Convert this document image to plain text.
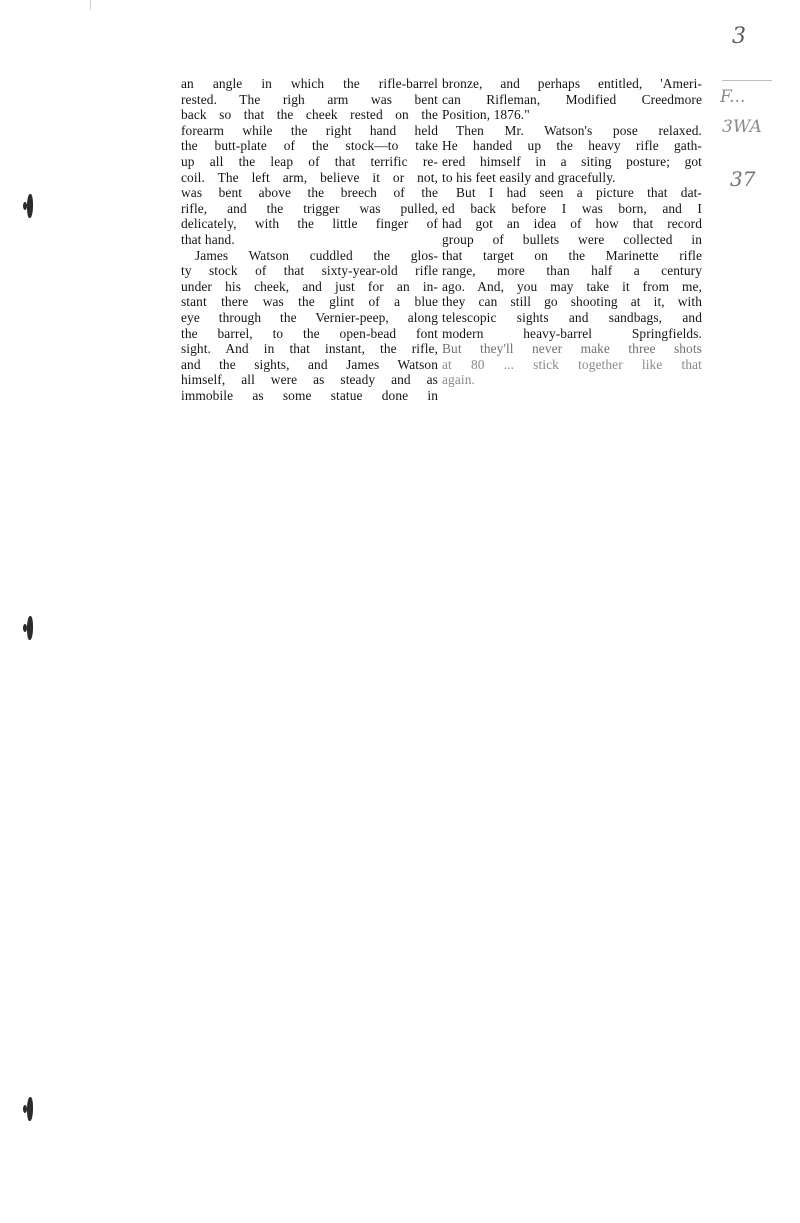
3
F...
3WA
37
an angle in which the rifle-barrel
rested. The righ arm was bent
back so that the cheek rested on the
forearm while the right hand held
the butt-plate of the stock—to take
up all the leap of that terrific re-
coil. The left arm, believe it or not,
was bent above the breech of the
rifle, and the trigger was pulled,
delicately, with the little finger of
that hand.
James Watson cuddled the glos-
ty stock of that sixty-year-old rifle
under his cheek, and just for an in-
stant there was the glint of a blue
eye through the Vernier-peep, along
the barrel, to the open-bead font
sight. And in that instant, the rifle,
and the sights, and James Watson
himself, all were as steady and as
immobile as some statue done in
bronze, and perhaps entitled, 'Ameri-
can Rifleman, Modified Creedmore
Position, 1876."
Then Mr. Watson's pose relaxed.
He handed up the heavy rifle gath-
ered himself in a siting posture; got
to his feet easily and gracefully.
But I had seen a picture that dat-
ed back before I was born, and I
had got an idea of how that record
group of bullets were collected in
that target on the Marinette rifle
range, more than half a century
ago. And, you may take it from me,
they can still go shooting at it, with
telescopic sights and sandbags, and
modern heavy-barrel Springfields.
But they'll never make three shots
at 80 ... stick together like that
again.
